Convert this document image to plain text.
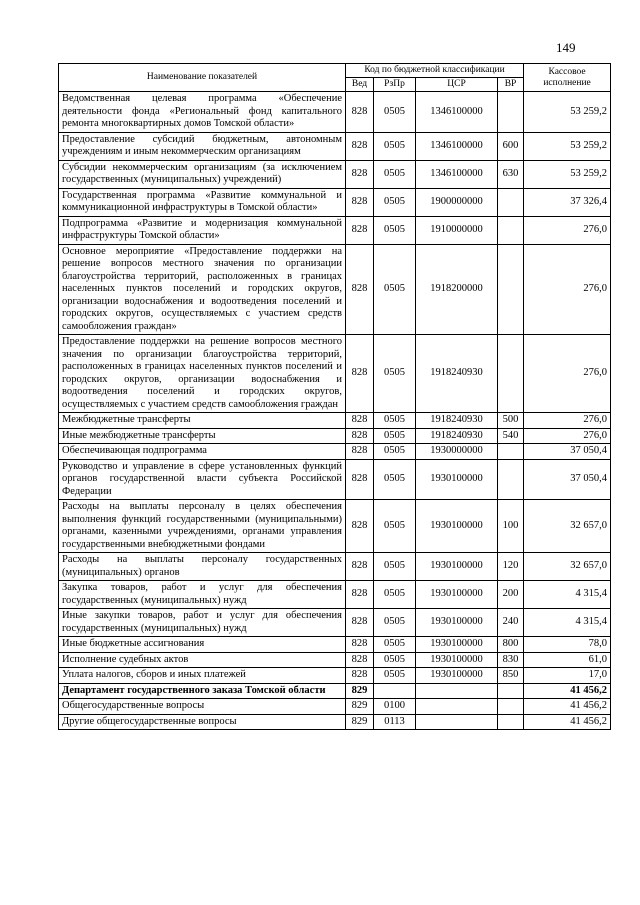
149
Наименование показателей	Код по бюджетной классификации				Кассовое исполнение
	Вед	РзПр	ЦСР	ВР	
Ведомственная целевая программа «Обеспечение деятельности фонда «Региональный фонд капитального ремонта многоквартирных домов Томской области»	828	0505	1346100000		53 259,2
Предоставление субсидий бюджетным, автономным учреждениям и иным некоммерческим организациям	828	0505	1346100000	600	53 259,2
Субсидии некоммерческим организациям (за исключением государственных (муниципальных) учреждений)	828	0505	1346100000	630	53 259,2
Государственная программа «Развитие коммунальной и коммуникационной инфраструктуры в Томской области»	828	0505	1900000000		37 326,4
Подпрограмма «Развитие и модернизация коммунальной инфраструктуры Томской области»	828	0505	1910000000		276,0
Основное мероприятие «Предоставление поддержки на решение вопросов местного значения по организации благоустройства территорий, расположенных в границах населенных пунктов поселений и городских округов, организации водоснабжения и водоотведения поселений и городских округов, осуществляемых с участием средств самообложения граждан»	828	0505	1918200000		276,0
Предоставление поддержки на решение вопросов местного значения по организации благоустройства территорий, расположенных в границах населенных пунктов поселений и городских округов, организации водоснабжения и водоотведения поселений и городских округов, осуществляемых с участием средств самообложения граждан	828	0505	1918240930		276,0
Межбюджетные трансферты	828	0505	1918240930	500	276,0
Иные межбюджетные трансферты	828	0505	1918240930	540	276,0
Обеспечивающая подпрограмма	828	0505	1930000000		37 050,4
Руководство и управление в сфере установленных функций органов государственной власти субъекта Российской Федерации	828	0505	1930100000		37 050,4
Расходы на выплаты персоналу в целях обеспечения выполнения функций государственными (муниципальными) органами, казенными учреждениями, органами управления государственными внебюджетными фондами	828	0505	1930100000	100	32 657,0
Расходы на выплаты персоналу государственных (муниципальных) органов	828	0505	1930100000	120	32 657,0
Закупка товаров, работ и услуг для обеспечения государственных (муниципальных) нужд	828	0505	1930100000	200	4 315,4
Иные закупки товаров, работ и услуг для обеспечения государственных (муниципальных) нужд	828	0505	1930100000	240	4 315,4
Иные бюджетные ассигнования	828	0505	1930100000	800	78,0
Исполнение судебных актов	828	0505	1930100000	830	61,0
Уплата налогов, сборов и иных платежей	828	0505	1930100000	850	17,0
Департамент государственного заказа Томской области	829				41 456,2
Общегосударственные вопросы	829	0100			41 456,2
Другие общегосударственные вопросы	829	0113			41 456,2
